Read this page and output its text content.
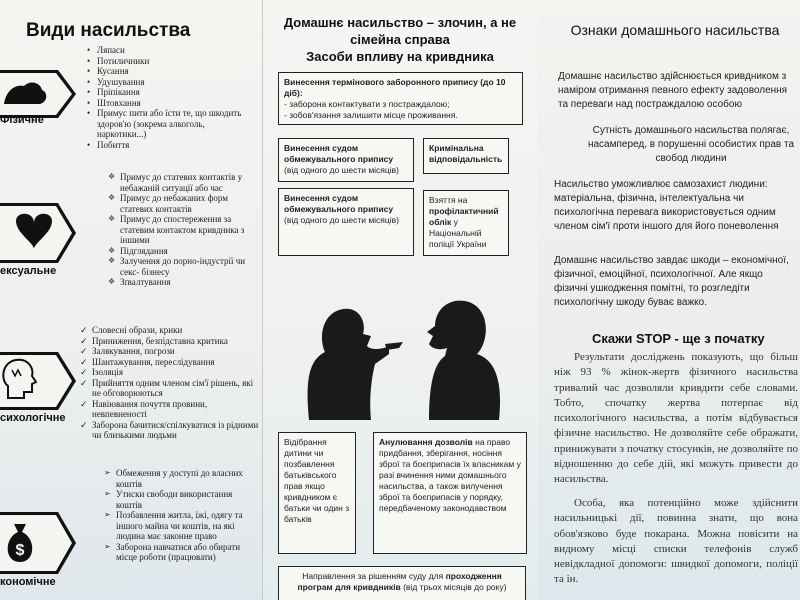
Види насильства
Фізичне
• Ляпаси
• Потиличники
• Кусання
• Удушування
• Пріпікання
• Штовхання
• Примус пити або їсти те, що шкодить здоров'ю (зокрема алкоголь, наркотики...)
• Побиття
ексуальне
❖ Примус до статевих контактів у небажаній ситуації або час
❖ Примус до небажаних форм статевих контактів
❖ Примус до спостереження за статевим контактом кривдника з іншими
❖ Підглядання
❖ Залучення до порно-індустрії чи секс- бізнесу
❖ Зґвалтування
сихологічне
✓ Словесні образи, крики
✓ Приниження, безпідставна критика
✓ Залякування, погрози
✓ Шантажування, переслідування
✓ Ізоляція
✓ Прийняття одним членом сім'ї рішень, які не обговорюються
✓ Навіювання почуття провини, невпевненості
✓ Заборона бачитися/спілкуватися із рідними чи близькими людьми
$
кономічне
➢ Обмеження у доступі до власних коштів
➢ Утиски свободи використання коштів
➢ Позбавлення житла, їжі, одягу та іншого майна чи коштів, на які людина має законне право
➢ Заборона навчатися або обирати місце роботи (працювати)
Домашнє насильство – злочин, а не сімейна справа
Засоби впливу на кривдника
Винесення термінового заборонного припису (до 10 діб):
- заборона контактувати з постраждалою;
- зобов'язання залишити місце проживання.
Винесення судом обмежувального припису
(від одного до шести місяців)
Кримінальна відповідальність
Винесення судом обмежувального припису
(від одного до шести місяців)
Взяття на профілактичний облік у Національній поліції України
Відібрання дитини чи позбавлення батьківського прав якщо кривдником є батьки чи один з батьків
Анулювання дозволів на право придбання, зберігання, носіння зброї та боєприпасів їх власникам у разі вчинення ними домашнього насильства, а також вилучення зброї та боєприпасів у порядку, передбаченому законодавством
Направлення за рішенням суду для проходження програм для кривдників (від трьох місяців до року)
Ознаки домашнього насильства

Домашнє насильство здійснюється кривдником з наміром отримання певного ефекту задоволення та переваги над постраждалою особою

Сутність домашнього насильства полягає, насамперед, в порушенні особистих прав та свобод людини

Насильство уможливлює самозахист людини: матеріальна, фізична, інтелектуальна чи психологічна перевага використовується одним членом сім'ї проти іншого для його поневолення

Домашнє насильство завдає шкоди – економічної, фізичної, емоційної, психологічної. Але якщо фізичні ушкодження помітні, то розгледіти психологічну шкоду буває важко.

Скажи STOP - ще з початку

Результати досліджень показують, що більш ніж 93 % жінок-жертв фізичного насильства тривалий час дозволяли кривдити себе словами. Тобто, спочатку жертва потерпає від психологічного насильства, а потім відбувається фізичне насильство. Не дозволяйте себе ображати, принижувати з початку стосунків, не дозволяйте по відношенню до себе дій, які можуть привести до насильства.

Особа, яка потенційно може здійснити насильницькі дії, повинна знати, що вона обов'язково буде покарана. Можна повісити на видному місці списки телефонів служб невідкладної допомоги: швидкої допомоги, поліції та ін.
